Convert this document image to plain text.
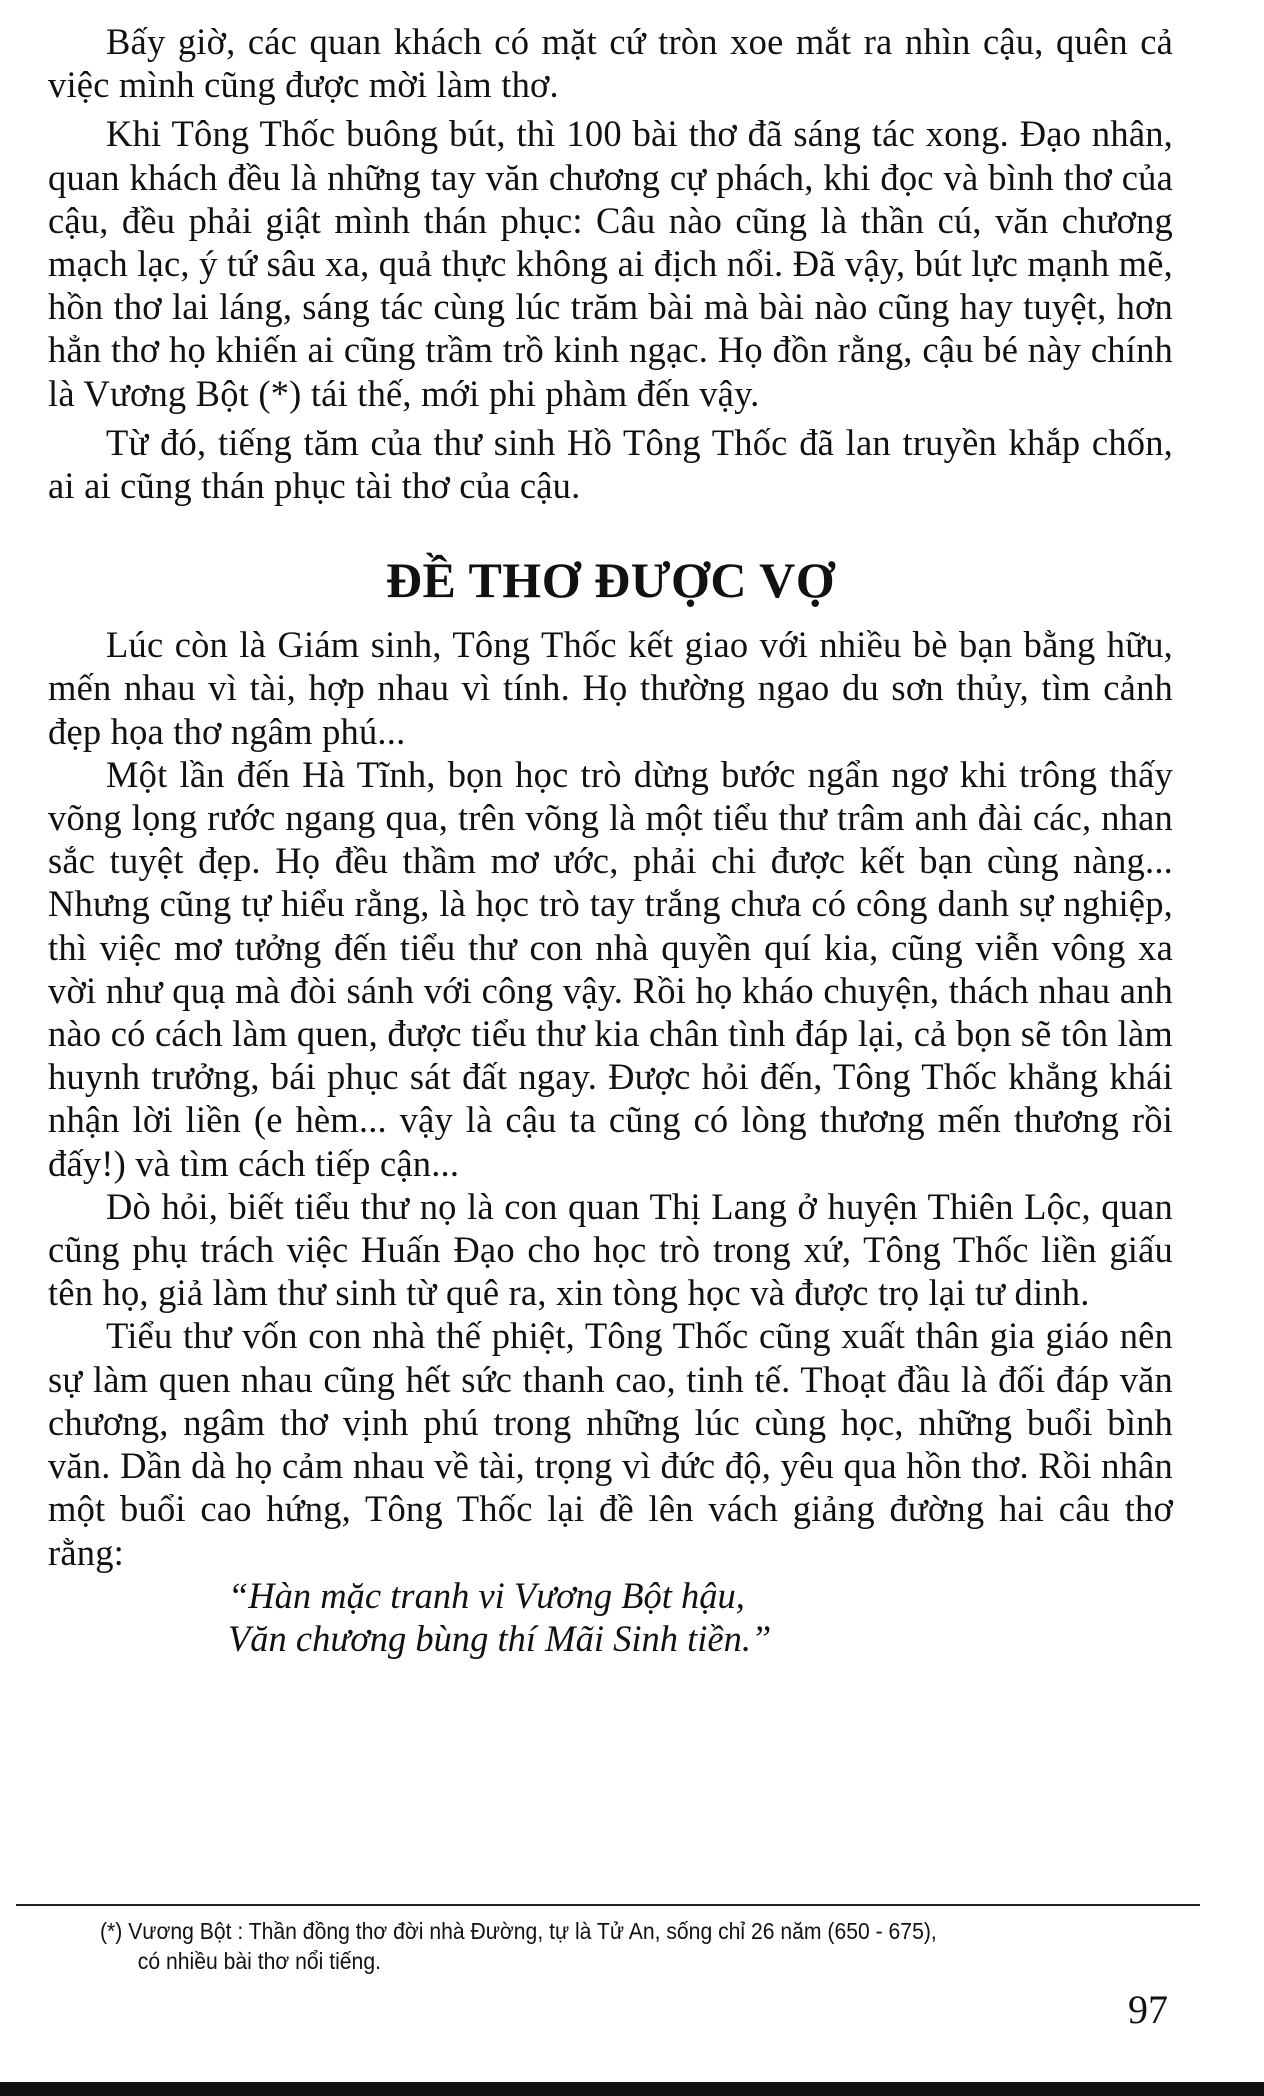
Bấy giờ, các quan khách có mặt cứ tròn xoe mắt ra nhìn cậu, quên cả việc mình cũng được mời làm thơ.

Khi Tông Thốc buông bút, thì 100 bài thơ đã sáng tác xong. Đạo nhân, quan khách đều là những tay văn chương cự phách, khi đọc và bình thơ của cậu, đều phải giật mình thán phục: Câu nào cũng là thần cú, văn chương mạch lạc, ý tứ sâu xa, quả thực không ai địch nổi. Đã vậy, bút lực mạnh mẽ, hồn thơ lai láng, sáng tác cùng lúc trăm bài mà bài nào cũng hay tuyệt, hơn hẳn thơ họ khiến ai cũng trầm trồ kinh ngạc. Họ đồn rằng, cậu bé này chính là Vương Bột (*) tái thế, mới phi phàm đến vậy.

Từ đó, tiếng tăm của thư sinh Hồ Tông Thốc đã lan truyền khắp chốn, ai ai cũng thán phục tài thơ của cậu.

ĐỀ THƠ ĐƯỢC VỢ

Lúc còn là Giám sinh, Tông Thốc kết giao với nhiều bè bạn bằng hữu, mến nhau vì tài, hợp nhau vì tính. Họ thường ngao du sơn thủy, tìm cảnh đẹp họa thơ ngâm phú...

Một lần đến Hà Tĩnh, bọn học trò dừng bước ngẩn ngơ khi trông thấy võng lọng rước ngang qua, trên võng là một tiểu thư trâm anh đài các, nhan sắc tuyệt đẹp. Họ đều thầm mơ ước, phải chi được kết bạn cùng nàng... Nhưng cũng tự hiểu rằng, là học trò tay trắng chưa có công danh sự nghiệp, thì việc mơ tưởng đến tiểu thư con nhà quyền quí kia, cũng viễn vông xa vời như quạ mà đòi sánh với công vậy. Rồi họ kháo chuyện, thách nhau anh nào có cách làm quen, được tiểu thư kia chân tình đáp lại, cả bọn sẽ tôn làm huynh trưởng, bái phục sát đất ngay. Được hỏi đến, Tông Thốc khẳng khái nhận lời liền (e hèm... vậy là cậu ta cũng có lòng thương mến thương rồi đấy!) và tìm cách tiếp cận...

Dò hỏi, biết tiểu thư nọ là con quan Thị Lang ở huyện Thiên Lộc, quan cũng phụ trách việc Huấn Đạo cho học trò trong xứ, Tông Thốc liền giấu tên họ, giả làm thư sinh từ quê ra, xin tòng học và được trọ lại tư dinh.

Tiểu thư vốn con nhà thế phiệt, Tông Thốc cũng xuất thân gia giáo nên sự làm quen nhau cũng hết sức thanh cao, tinh tế. Thoạt đầu là đối đáp văn chương, ngâm thơ vịnh phú trong những lúc cùng học, những buổi bình văn. Dần dà họ cảm nhau về tài, trọng vì đức độ, yêu qua hồn thơ. Rồi nhân một buổi cao hứng, Tông Thốc lại đề lên vách giảng đường hai câu thơ rằng:

“Hàn mặc tranh vi Vương Bột hậu,
Văn chương bùng thí Mãi Sinh tiền.”
(*) Vương Bột : Thần đồng thơ đời nhà Đường, tự là Tử An, sống chỉ 26 năm (650 - 675),
có nhiều bài thơ nổi tiếng.
97
